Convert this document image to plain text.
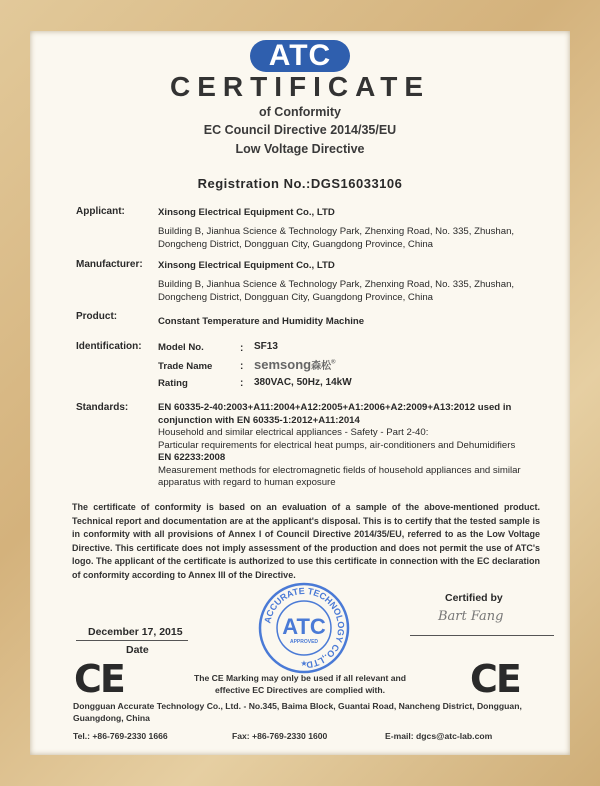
ATC
CERTIFICATE
of Conformity
EC Council Directive 2014/35/EU
Low Voltage Directive
Registration No.:DGS16033106
Applicant:	Xinsong Electrical Equipment Co., LTD
Building B, Jianhua Science & Technology Park, Zhenxing Road, No. 335, Zhushan,
Dongcheng District, Dongguan City, Guangdong Province, China
Manufacturer: Xinsong Electrical Equipment Co., LTD
Building B, Jianhua Science & Technology Park, Zhenxing Road, No. 335, Zhushan,
Dongcheng District, Dongguan City, Guangdong Province, China
Product:	Constant Temperature and Humidity Machine
Identification: Model No.	: SF13
Trade Name	: semsong森松®
Rating	: 380VAC, 50Hz, 14kW
Standards:	EN 60335-2-40:2003+A11:2004+A12:2005+A1:2006+A2:2009+A13:2012 used in
conjunction with EN 60335-1:2012+A11:2014
Household and similar electrical appliances - Safety - Part 2-40:
Particular requirements for electrical heat pumps, air-conditioners and Dehumidifiers
EN 62233:2008
Measurement methods for electromagnetic fields of household appliances and similar
apparatus with regard to human exposure
The certificate of conformity is based on an evaluation of a sample of the above-mentioned product. Technical report and documentation are at the applicant's disposal. This is to certify that the tested sample is in conformity with all provisions of Annex I of Council Directive 2014/35/EU, referred to as the Low Voltage Directive. This certificate does not imply assessment of the production and does not permit the use of ATC's logo. The applicant of the certificate is authorized to use this certificate in connection with the EC declaration of conformity according to Annex III of the Directive.
Certified by
Bart Fang
December 17, 2015
Date
ACCURATE TECHNOLOGY CO.,LTD
ATC
APPROVED
★
CE	CE
The CE Marking may only be used if all relevant and
effective EC Directives are complied with.
Dongguan Accurate Technology Co., Ltd. - No.345, Baima Block, Guantai Road, Nancheng District, Dongguan,
Guangdong, China
Tel.: +86-769-2330 1666	Fax: +86-769-2330 1600	E-mail: dgcs@atc-lab.com
